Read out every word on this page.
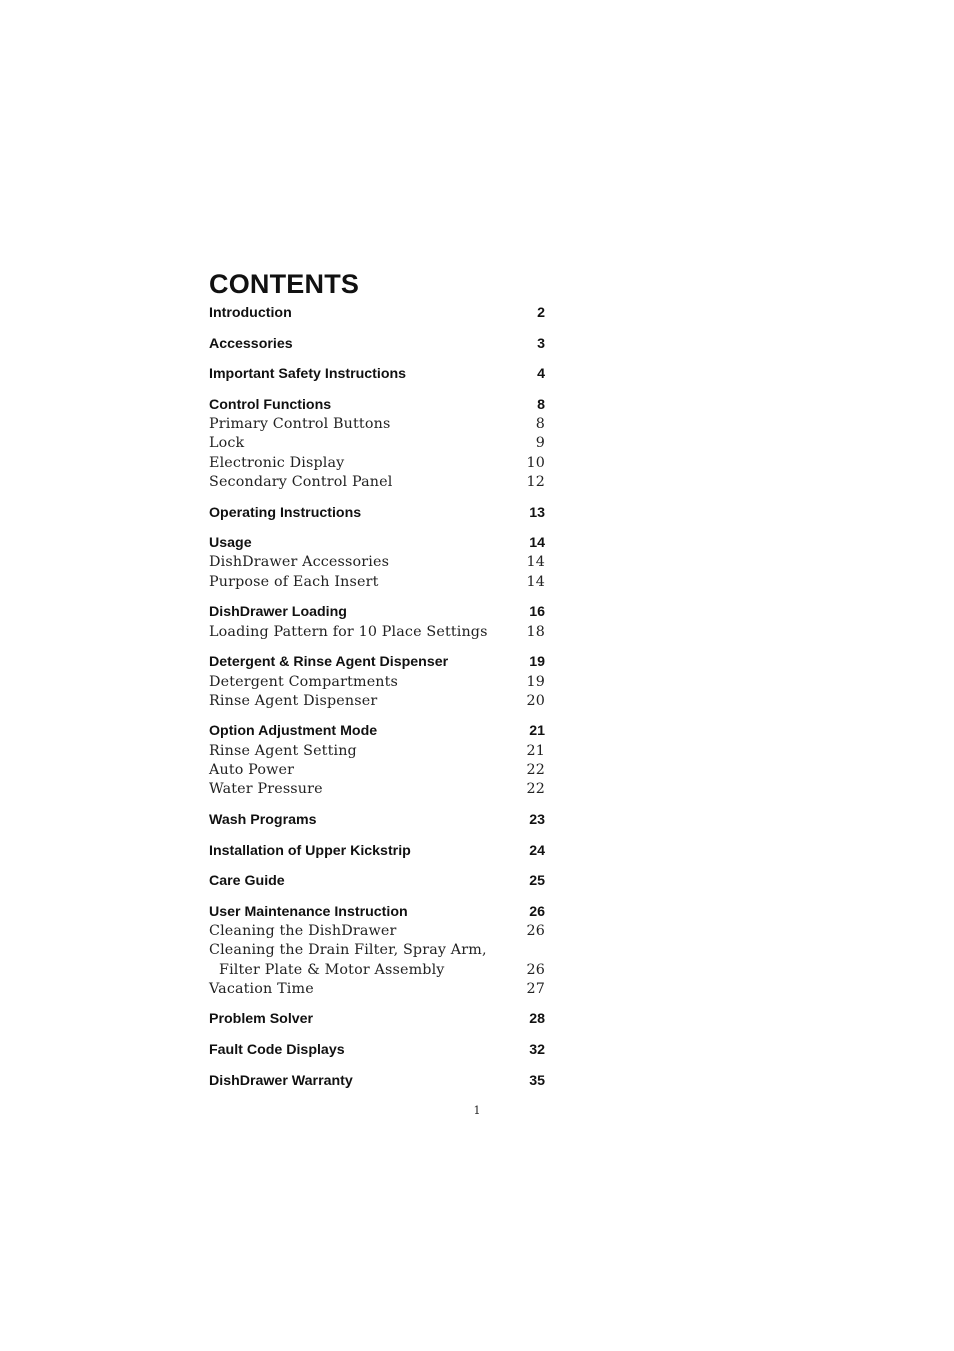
CONTENTS
Introduction	2
Accessories	3
Important Safety Instructions	4
Control Functions	8
Primary Control Buttons	8
Lock	9
Electronic Display	10
Secondary Control Panel	12
Operating Instructions	13
Usage	14
DishDrawer Accessories	14
Purpose of Each Insert	14
DishDrawer Loading	16
Loading Pattern for 10 Place Settings	18
Detergent & Rinse Agent Dispenser	19
Detergent Compartments	19
Rinse Agent Dispenser	20
Option Adjustment Mode	21
Rinse Agent Setting	21
Auto Power	22
Water Pressure	22
Wash Programs	23
Installation of Upper Kickstrip	24
Care Guide	25
User Maintenance Instruction	26
Cleaning the DishDrawer	26
Cleaning the Drain Filter, Spray Arm,
Filter Plate & Motor Assembly	26
Vacation Time	27
Problem Solver	28
Fault Code Displays	32
DishDrawer Warranty	35
1
